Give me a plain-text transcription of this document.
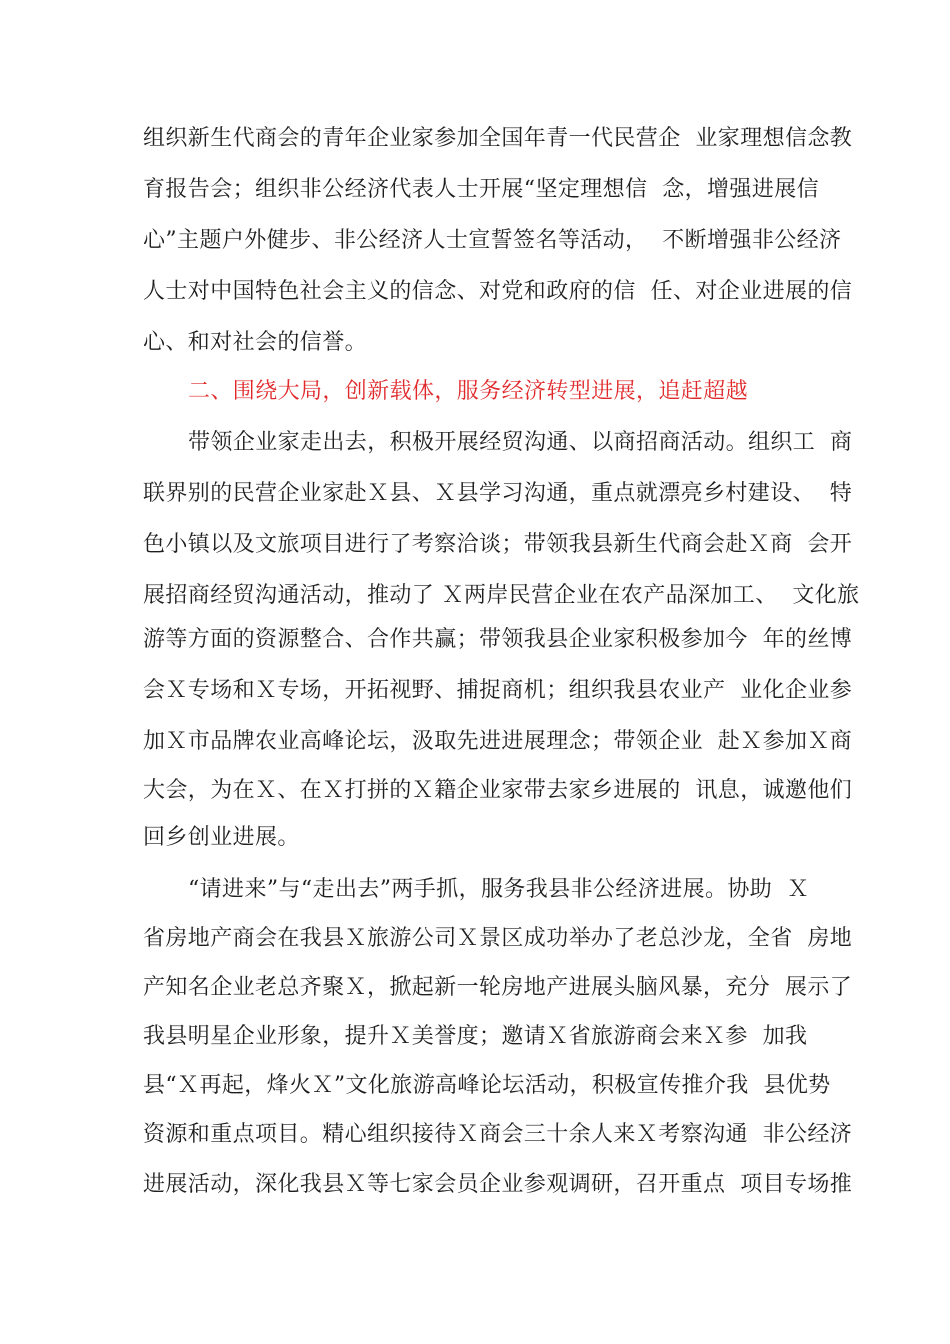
组织新生代商会的青年企业家参加全国年青一代民营企  业家理想信念教
育报告会；组织非公经济代表人士开展“坚定理想信  念，增强进展信
心”主题户外健步、非公经济人士宣誓签名等活动，  不断增强非公经济
人士对中国特色社会主义的信念、对党和政府的信  任、对企业进展的信
心、和对社会的信誉。
二、围绕大局，创新载体，服务经济转型进展，追赶超越
带领企业家走出去，积极开展经贸沟通、以商招商活动。组织工  商
联界别的民营企业家赴Ｘ县、Ｘ县学习沟通，重点就漂亮乡村建设、  特
色小镇以及文旅项目进行了考察洽谈；带领我县新生代商会赴Ｘ商  会开
展招商经贸沟通活动，推动了 Ｘ两岸民营企业在农产品深加工、  文化旅
游等方面的资源整合、合作共赢；带领我县企业家积极参加今  年的丝博
会Ｘ专场和Ｘ专场，开拓视野、捕捉商机；组织我县农业产  业化企业参
加Ｘ市品牌农业高峰论坛，汲取先进进展理念；带领企业  赴Ｘ参加Ｘ商
大会，为在Ｘ、在Ｘ打拼的Ｘ籍企业家带去家乡进展的  讯息，诚邀他们
回乡创业进展。
“请进来”与“走出去”两手抓，服务我县非公经济进展。协助  Ｘ
省房地产商会在我县Ｘ旅游公司Ｘ景区成功举办了老总沙龙，全省  房地
产知名企业老总齐聚Ｘ，掀起新一轮房地产进展头脑风暴，充分  展示了
我县明星企业形象，提升Ｘ美誉度；邀请Ｘ省旅游商会来Ｘ参  加我
县“Ｘ再起，烽火Ｘ”文化旅游高峰论坛活动，积极宣传推介我  县优势
资源和重点项目。精心组织接待Ｘ商会三十余人来Ｘ考察沟通  非公经济
进展活动，深化我县Ｘ等七家会员企业参观调研，召开重点  项目专场推
